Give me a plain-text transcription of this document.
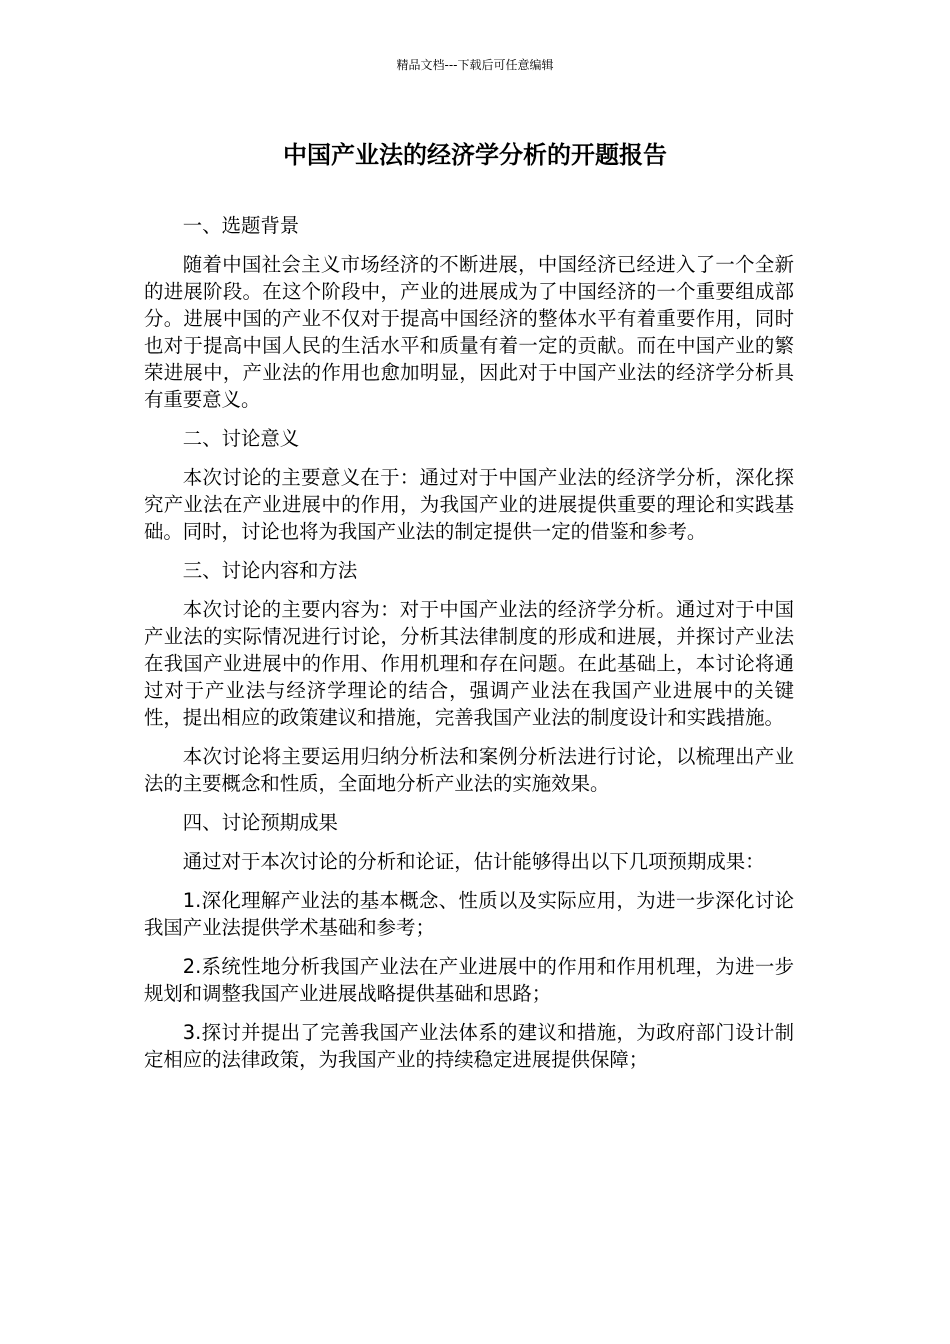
精品文档---下载后可任意编辑
中国产业法的经济学分析的开题报告
一、选题背景

随着中国社会主义市场经济的不断进展，中国经济已经进入了一个全新的进展阶段。在这个阶段中，产业的进展成为了中国经济的一个重要组成部分。进展中国的产业不仅对于提高中国经济的整体水平有着重要作用，同时也对于提高中国人民的生活水平和质量有着一定的贡献。而在中国产业的繁荣进展中，产业法的作用也愈加明显，因此对于中国产业法的经济学分析具有重要意义。

二、讨论意义

本次讨论的主要意义在于：通过对于中国产业法的经济学分析，深化探究产业法在产业进展中的作用，为我国产业的进展提供重要的理论和实践基础。同时，讨论也将为我国产业法的制定提供一定的借鉴和参考。

三、讨论内容和方法

本次讨论的主要内容为：对于中国产业法的经济学分析。通过对于中国产业法的实际情况进行讨论，分析其法律制度的形成和进展，并探讨产业法在我国产业进展中的作用、作用机理和存在问题。在此基础上，本讨论将通过对于产业法与经济学理论的结合，强调产业法在我国产业进展中的关键性，提出相应的政策建议和措施，完善我国产业法的制度设计和实践措施。

本次讨论将主要运用归纳分析法和案例分析法进行讨论，以梳理出产业法的主要概念和性质，全面地分析产业法的实施效果。

四、讨论预期成果

通过对于本次讨论的分析和论证，估计能够得出以下几项预期成果：

1.深化理解产业法的基本概念、性质以及实际应用，为进一步深化讨论我国产业法提供学术基础和参考；

2.系统性地分析我国产业法在产业进展中的作用和作用机理，为进一步规划和调整我国产业进展战略提供基础和思路；

3.探讨并提出了完善我国产业法体系的建议和措施，为政府部门设计制定相应的法律政策，为我国产业的持续稳定进展提供保障；
